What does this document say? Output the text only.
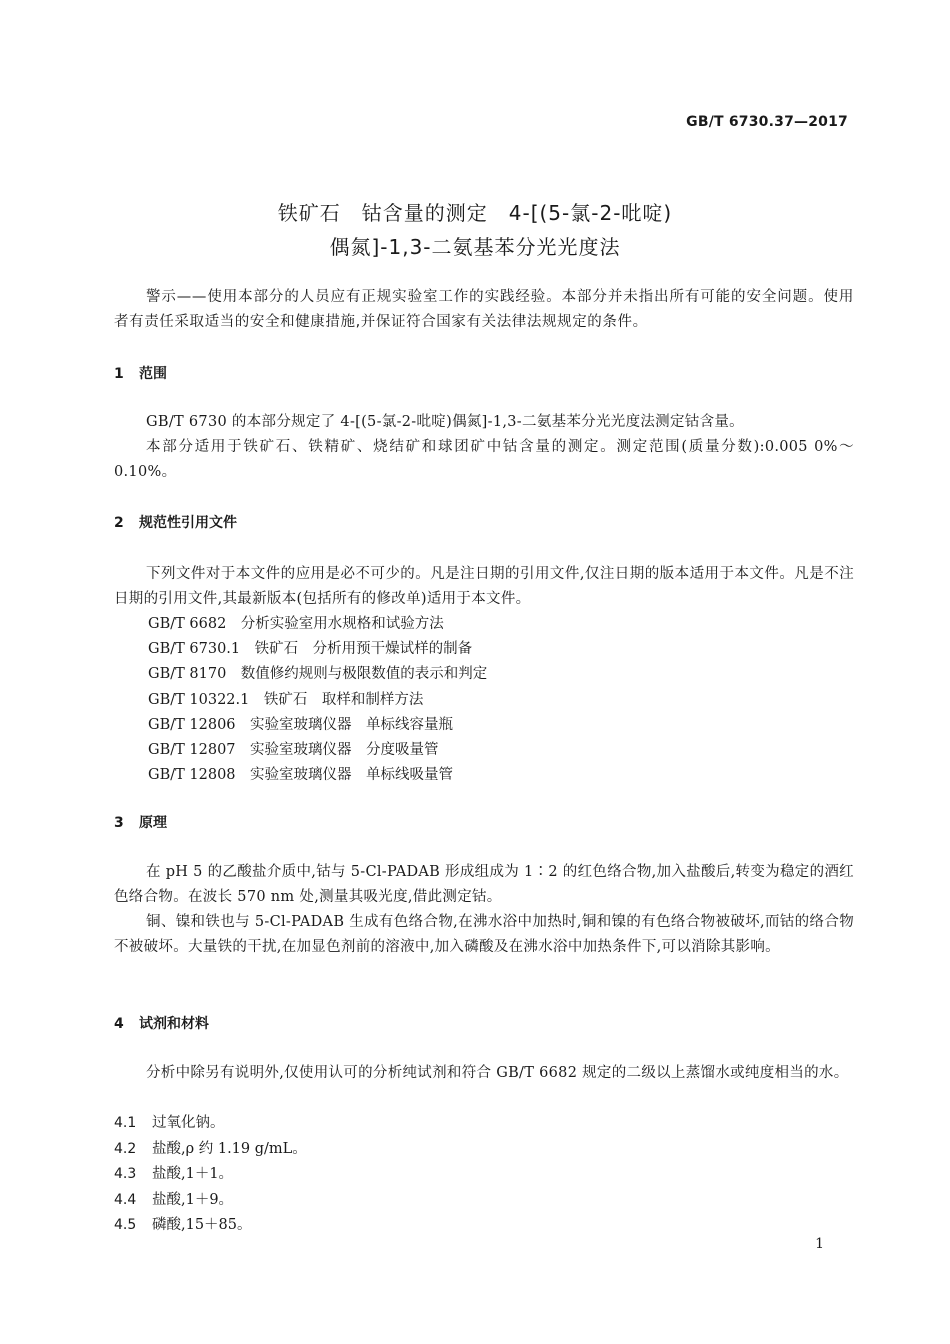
GB/T 6730.37—2017
铁矿石　钴含量的测定　4-[(5-氯-2-吡啶)
偶氮]-1,3-二氨基苯分光光度法
警示——使用本部分的人员应有正规实验室工作的实践经验。本部分并未指出所有可能的安全问题。使用者有责任采取适当的安全和健康措施,并保证符合国家有关法律法规规定的条件。
1 范围
GB/T 6730 的本部分规定了 4-[(5-氯-2-吡啶)偶氮]-1,3-二氨基苯分光光度法测定钴含量。
本部分适用于铁矿石、铁精矿、烧结矿和球团矿中钴含量的测定。测定范围(质量分数):0.005 0%～0.10%。
2 规范性引用文件
下列文件对于本文件的应用是必不可少的。凡是注日期的引用文件,仅注日期的版本适用于本文件。凡是不注日期的引用文件,其最新版本(包括所有的修改单)适用于本文件。
GB/T 6682　分析实验室用水规格和试验方法
GB/T 6730.1　铁矿石　分析用预干燥试样的制备
GB/T 8170　数值修约规则与极限数值的表示和判定
GB/T 10322.1　铁矿石　取样和制样方法
GB/T 12806　实验室玻璃仪器　单标线容量瓶
GB/T 12807　实验室玻璃仪器　分度吸量管
GB/T 12808　实验室玻璃仪器　单标线吸量管
3 原理
在 pH 5 的乙酸盐介质中,钴与 5-Cl-PADAB 形成组成为 1∶2 的红色络合物,加入盐酸后,转变为稳定的酒红色络合物。在波长 570 nm 处,测量其吸光度,借此测定钴。
铜、镍和铁也与 5-Cl-PADAB 生成有色络合物,在沸水浴中加热时,铜和镍的有色络合物被破坏,而钴的络合物不被破坏。大量铁的干扰,在加显色剂前的溶液中,加入磷酸及在沸水浴中加热条件下,可以消除其影响。
4 试剂和材料
分析中除另有说明外,仅使用认可的分析纯试剂和符合 GB/T 6682 规定的二级以上蒸馏水或纯度相当的水。
4.1 过氧化钠。
4.2 盐酸,ρ 约 1.19 g/mL。
4.3 盐酸,1＋1。
4.4 盐酸,1＋9。
4.5 磷酸,15＋85。
1
